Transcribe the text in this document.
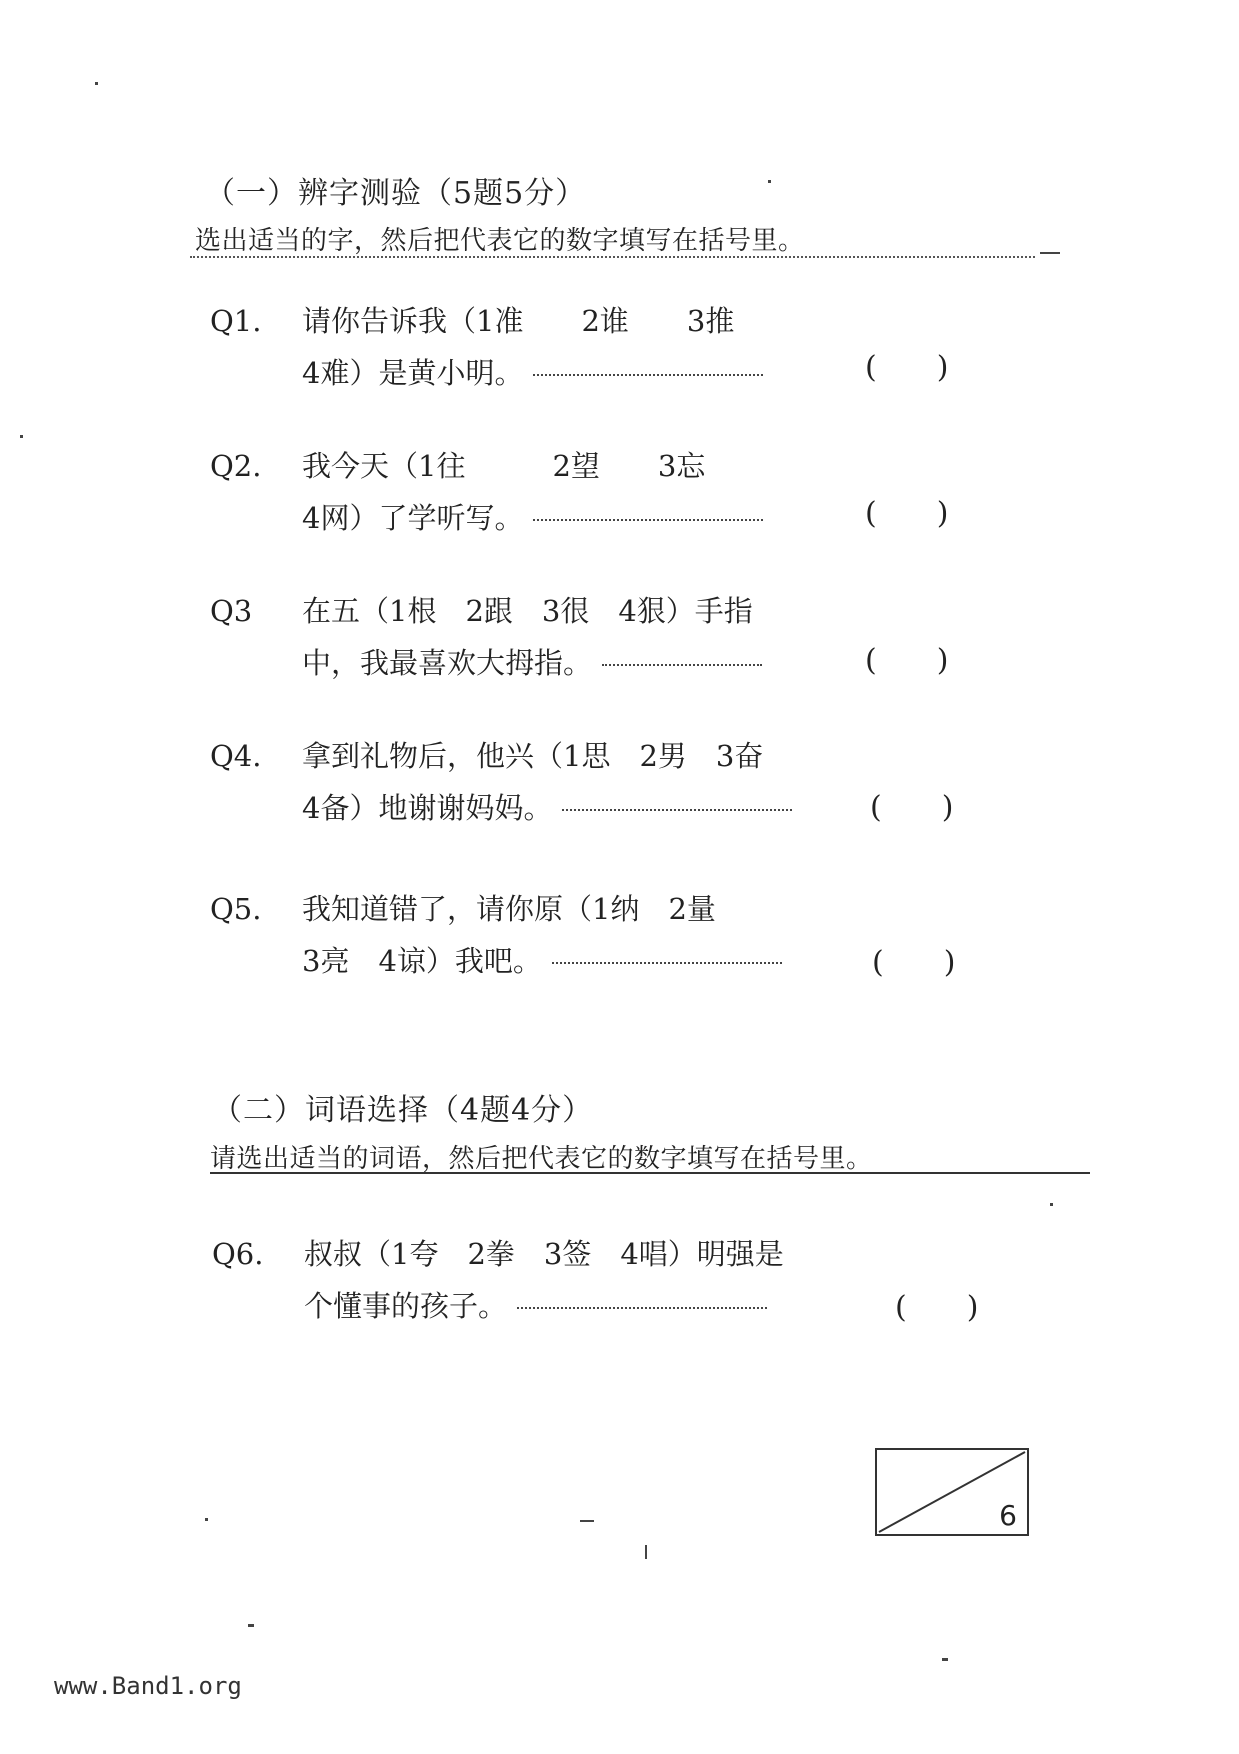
（一）辨字测验（5题5分）
选出适当的字，然后把代表它的数字填写在括号里。
Q1.	请你告诉我（1准　　2谁　　3推
4难）是黄小明。	(　　)
Q2.	我今天（1往　　　2望　　3忘
4网）了学听写。	(　　)
Q3	在五（1根　2跟　3很　4狠）手指
中，我最喜欢大拇指。	(　　)
Q4.	拿到礼物后，他兴（1思　2男　3奋
4备）地谢谢妈妈。	(　　)
Q5.	我知道错了，请你原（1纳　2量
3亮　4谅）我吧。	(　　)
（二）词语选择（4题4分）
请选出适当的词语，然后把代表它的数字填写在括号里。
Q6.	叔叔（1夸　2拳　3签　4唱）明强是
个懂事的孩子。	(　　)
6
www.Band1.org
